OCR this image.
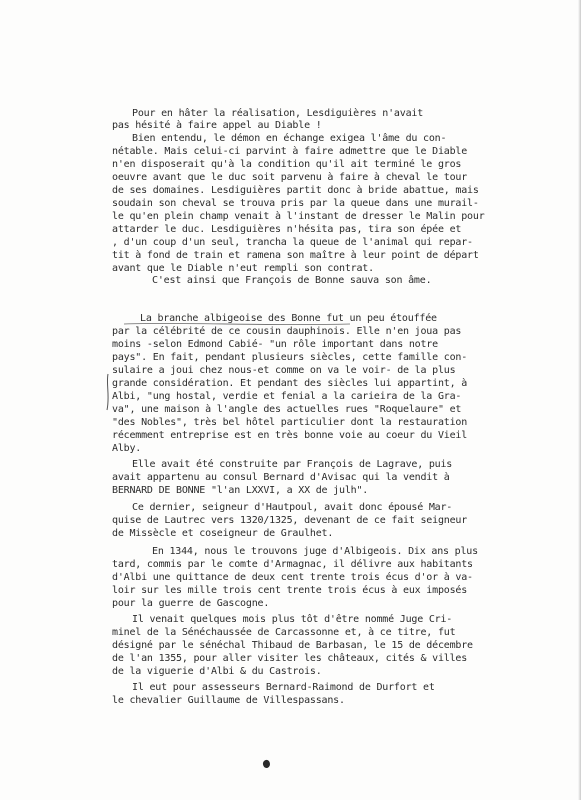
Pour en hâter la réalisation, Lesdiguières n'avait
pas hésité à faire appel au Diable !
Bien entendu, le démon en échange exigea l'âme du con-
nétable. Mais celui-ci parvint à faire admettre que le Diable
n'en disposerait qu'à la condition qu'il ait terminé le gros
oeuvre avant que le duc soit parvenu à faire à cheval le tour
de ses domaines. Lesdiguières partit donc à bride abattue, mais
soudain son cheval se trouva pris par la queue dans une murail-
le qu'en plein champ venait à l'instant de dresser le Malin pour
attarder le duc. Lesdiguières n'hésita pas, tira son épée et
, d'un coup d'un seul, trancha la queue de l'animal qui repar-
tit à fond de train et ramena son maître à leur point de départ
avant que le Diable n'eut rempli son contrat.
C'est ainsi que François de Bonne sauva son âme.
La branche albigeoise des Bonne fut un peu étouffée
par la célébrité de ce cousin dauphinois. Elle n'en joua pas
moins -selon Edmond Cabié- "un rôle important dans notre
pays". En fait, pendant plusieurs siècles, cette famille con-
sulaire a joui chez nous-et comme on va le voir- de la plus
grande considération. Et pendant des siècles lui appartint, à
Albi, "ung hostal, verdie et fenial a la carieira de la Gra-
va", une maison à l'angle des actuelles rues "Roquelaure" et
"des Nobles", très bel hôtel particulier dont la restauration
récemment entreprise est en très bonne voie au coeur du Vieil
Alby.
Elle avait été construite par François de Lagrave, puis
avait appartenu au consul Bernard d'Avisac qui la vendit à
BERNARD DE BONNE "l'an LXXVI, a XX de julh".
Ce dernier, seigneur d'Hautpoul, avait donc épousé Mar-
quise de Lautrec vers 1320/1325, devenant de ce fait seigneur
de Missècle et coseigneur de Graulhet.
En 1344, nous le trouvons juge d'Albigeois. Dix ans plus
tard, commis par le comte d'Armagnac, il délivre aux habitants
d'Albi une quittance de deux cent trente trois écus d'or à va-
loir sur les mille trois cent trente trois écus à eux imposés
pour la guerre de Gascogne.
Il venait quelques mois plus tôt d'être nommé Juge Cri-
minel de la Sénéchaussée de Carcassonne et, à ce titre, fut
désigné par le sénéchal Thibaud de Barbasan, le 15 de décembre
de l'an 1355, pour aller visiter les châteaux, cités & villes
de la viguerie d'Albi & du Castrois.
Il eut pour assesseurs Bernard-Raimond de Durfort et
le chevalier Guillaume de Villespassans.
